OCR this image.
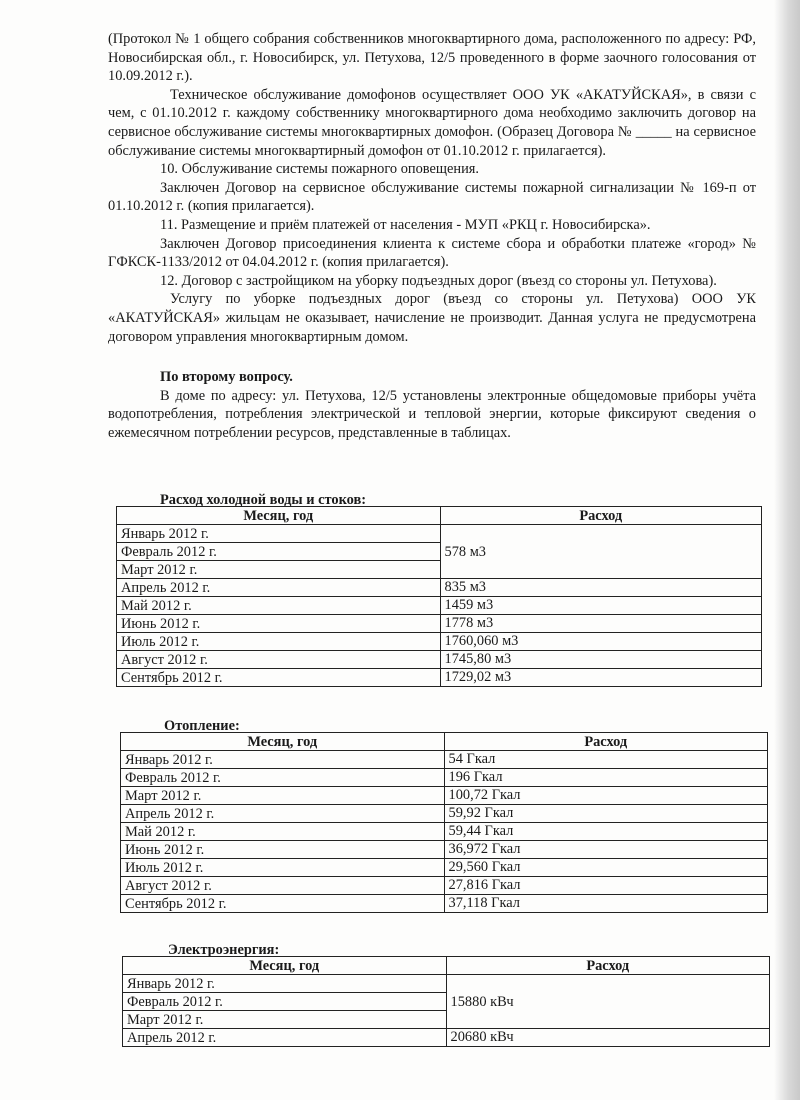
(Протокол № 1 общего собрания собственников многоквартирного дома, расположенного по адресу: РФ, Новосибирская обл., г. Новосибирск, ул. Петухова, 12/5 проведенного в форме заочного голосования от 10.09.2012 г.).

Техническое обслуживание домофонов осуществляет ООО УК «АКАТУЙСКАЯ», в связи с чем, с 01.10.2012 г. каждому собственнику многоквартирного дома необходимо заключить договор на сервисное обслуживание системы многоквартирных домофон. (Образец Договора № _____ на сервисное обслуживание системы многоквартирный домофон от 01.10.2012 г. прилагается).

10. Обслуживание системы пожарного оповещения.

Заключен Договор на сервисное обслуживание системы пожарной сигнализации № 169-п от 01.10.2012 г. (копия прилагается).

11. Размещение и приём платежей от населения - МУП «РКЦ г. Новосибирска».

Заключен Договор присоединения клиента к системе сбора и обработки платеже «город» № ГФКСК-1133/2012 от 04.04.2012 г. (копия прилагается).

12. Договор с застройщиком на уборку подъездных дорог (въезд со стороны ул. Петухова).

Услугу по уборке подъездных дорог (въезд со стороны ул. Петухова) ООО УК «АКАТУЙСКАЯ» жильцам не оказывает, начисление не производит. Данная услуга не предусмотрена договором управления многоквартирным домом.

По второму вопросу.

В доме по адресу: ул. Петухова, 12/5 установлены электронные общедомовые приборы учёта водопотребления, потребления электрической и тепловой энергии, которые фиксируют сведения о ежемесячном потреблении ресурсов, представленные в таблицах.

Расход холодной воды и стоков:
Месяц, год	Расход
Январь 2012 г.	578 м3
Февраль 2012 г.	
Март 2012 г.	
Апрель 2012 г.	835 м3
Май 2012 г.	1459 м3
Июнь 2012 г.	1778 м3
Июль 2012 г.	1760,060 м3
Август 2012 г.	1745,80 м3
Сентябрь 2012 г.	1729,02 м3
Отопление:
Месяц, год	Расход
Январь 2012 г.	54 Гкал
Февраль 2012 г.	196 Гкал
Март 2012 г.	100,72 Гкал
Апрель 2012 г.	59,92 Гкал
Май 2012 г.	59,44 Гкал
Июнь 2012 г.	36,972 Гкал
Июль 2012 г.	29,560 Гкал
Август 2012 г.	27,816 Гкал
Сентябрь 2012 г.	37,118 Гкал
Электроэнергия:
Месяц, год	Расход
Январь 2012 г.	15880 кВч
Февраль 2012 г.	
Март 2012 г.	
Апрель 2012 г.	20680 кВч
